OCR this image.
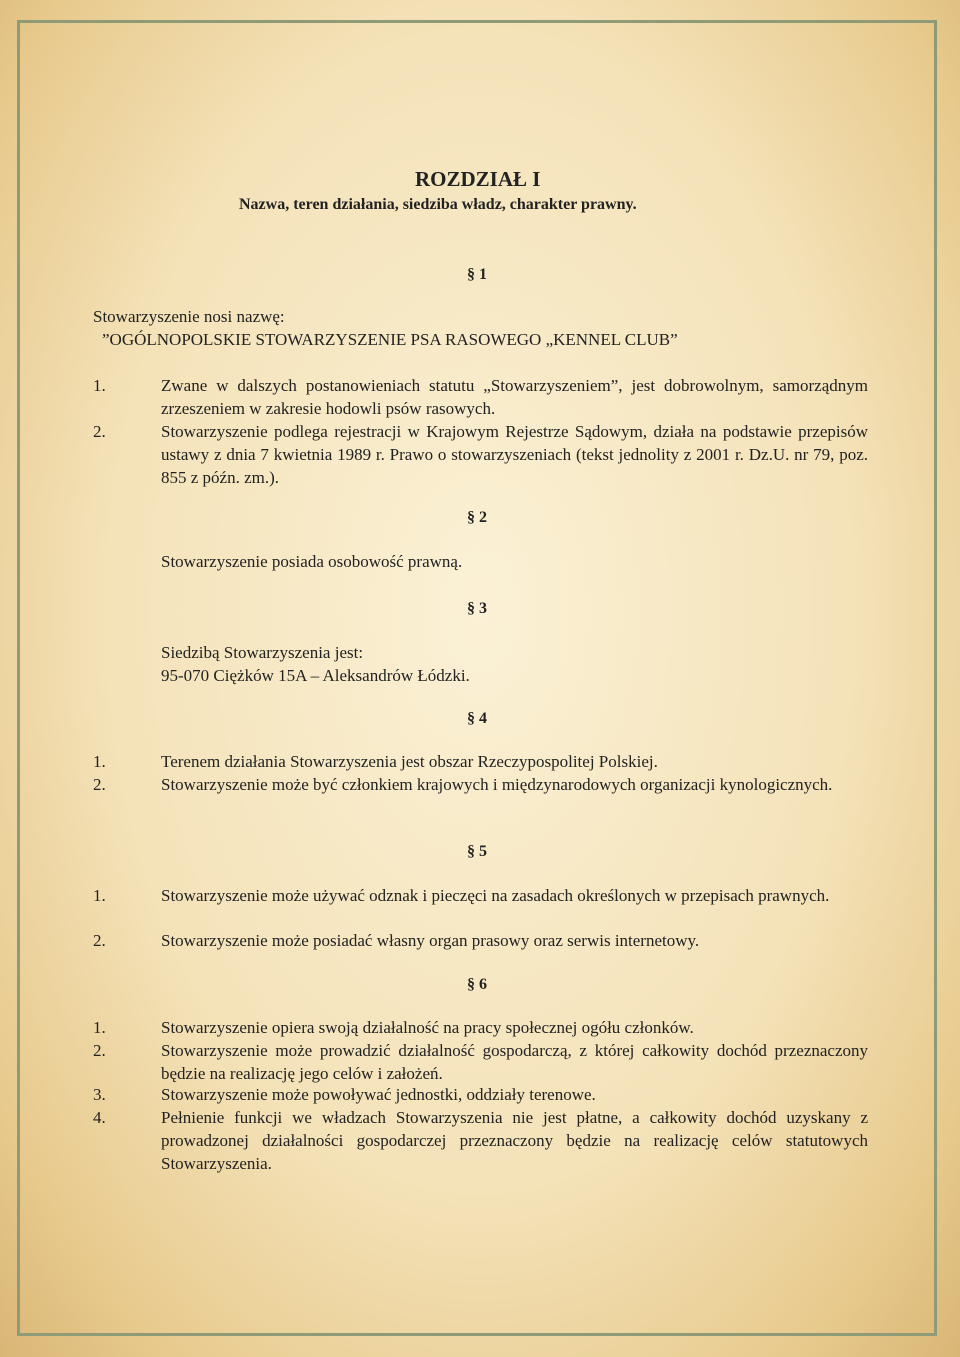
ROZDZIAŁ I
Nazwa, teren działania, siedziba władz, charakter prawny.
§ 1
Stowarzyszenie nosi nazwę:
”OGÓLNOPOLSKIE STOWARZYSZENIE PSA RASOWEGO „KENNEL CLUB”
1.	Zwane w dalszych postanowieniach statutu „Stowarzyszeniem”, jest dobrowolnym, samorządnym zrzeszeniem w zakresie hodowli psów rasowych.
2.	Stowarzyszenie podlega rejestracji w Krajowym Rejestrze Sądowym, działa na podstawie przepisów ustawy z dnia 7 kwietnia 1989 r. Prawo o stowarzyszeniach (tekst jednolity z 2001 r. Dz.U. nr 79, poz. 855 z późn. zm.).
§ 2
Stowarzyszenie posiada osobowość prawną.
§ 3
Siedzibą Stowarzyszenia jest:
95-070 Ciężków 15A – Aleksandrów Łódzki.
§ 4
1.	Terenem działania Stowarzyszenia jest obszar Rzeczypospolitej Polskiej.
2.	Stowarzyszenie może być członkiem krajowych i międzynarodowych organizacji kynologicznych.
§ 5
1.	Stowarzyszenie może używać odznak i pieczęci na zasadach określonych w przepisach prawnych.
2.	Stowarzyszenie może posiadać własny organ prasowy oraz serwis internetowy.
§ 6
1.	Stowarzyszenie opiera swoją działalność na pracy społecznej ogółu członków.
2.	Stowarzyszenie może prowadzić działalność gospodarczą, z której całkowity dochód przeznaczony będzie na realizację jego celów i założeń.
3.	Stowarzyszenie może powoływać jednostki, oddziały terenowe.
4.	Pełnienie funkcji we władzach Stowarzyszenia nie jest płatne, a całkowity dochód uzyskany z prowadzonej działalności gospodarczej przeznaczony będzie na realizację celów statutowych Stowarzyszenia.
